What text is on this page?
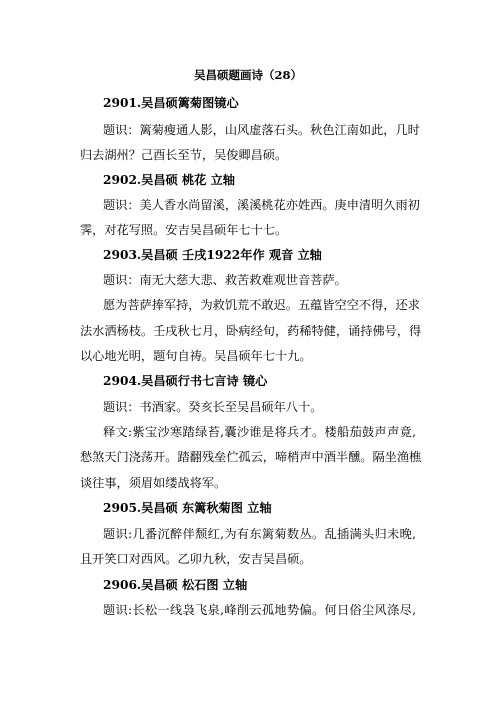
吴昌硕题画诗（28）
2901.吴昌硕篱菊图镜心
题识：篱菊瘦通人影，山风虚落石头。秋色江南如此，几时
归去湖州？己酉长至节，吴俊卿昌硕。
2902.吴昌硕 桃花 立轴
题识：美人香水尚留溪，溪溪桃花亦姓西。庚申清明久雨初
霁，对花写照。安吉吴昌硕年七十七。
2903.吴昌硕 壬戌1922年作 观音 立轴
题识：南无大慈大悲、救苦救难观世音菩萨。
愿为菩萨捧军持，为救饥荒不敢迟。五蕴皆空空不得，还求
法水洒杨枝。壬戌秋七月，卧病经旬，药稀特健，诵持佛号，得
以心地光明，题句自祷。吴昌硕年七十九。
2904.吴昌硕行书七言诗 镜心
题识：书酒家。癸亥长至吴昌硕年八十。
释文:紫宝沙寒踏绿苔,囊沙谁是将兵才。楼船茄鼓声声竟,
愁煞天门浇荡开。踏翻残垒伫孤云，啼梢声中酒半醺。隔坐渔樵
谈往事，须眉如缕战将军。
2905.吴昌硕 东篱秋菊图 立轴
题识:几番沉醉伴颓红,为有东篱菊数丛。乱插满头归未晚,
且开笑口对西风。乙卯九秋，安吉吴昌硕。
2906.吴昌硕 松石图 立轴
题识:长松一线袅飞泉,峰削云孤地势偏。何日俗尘风涤尽,
